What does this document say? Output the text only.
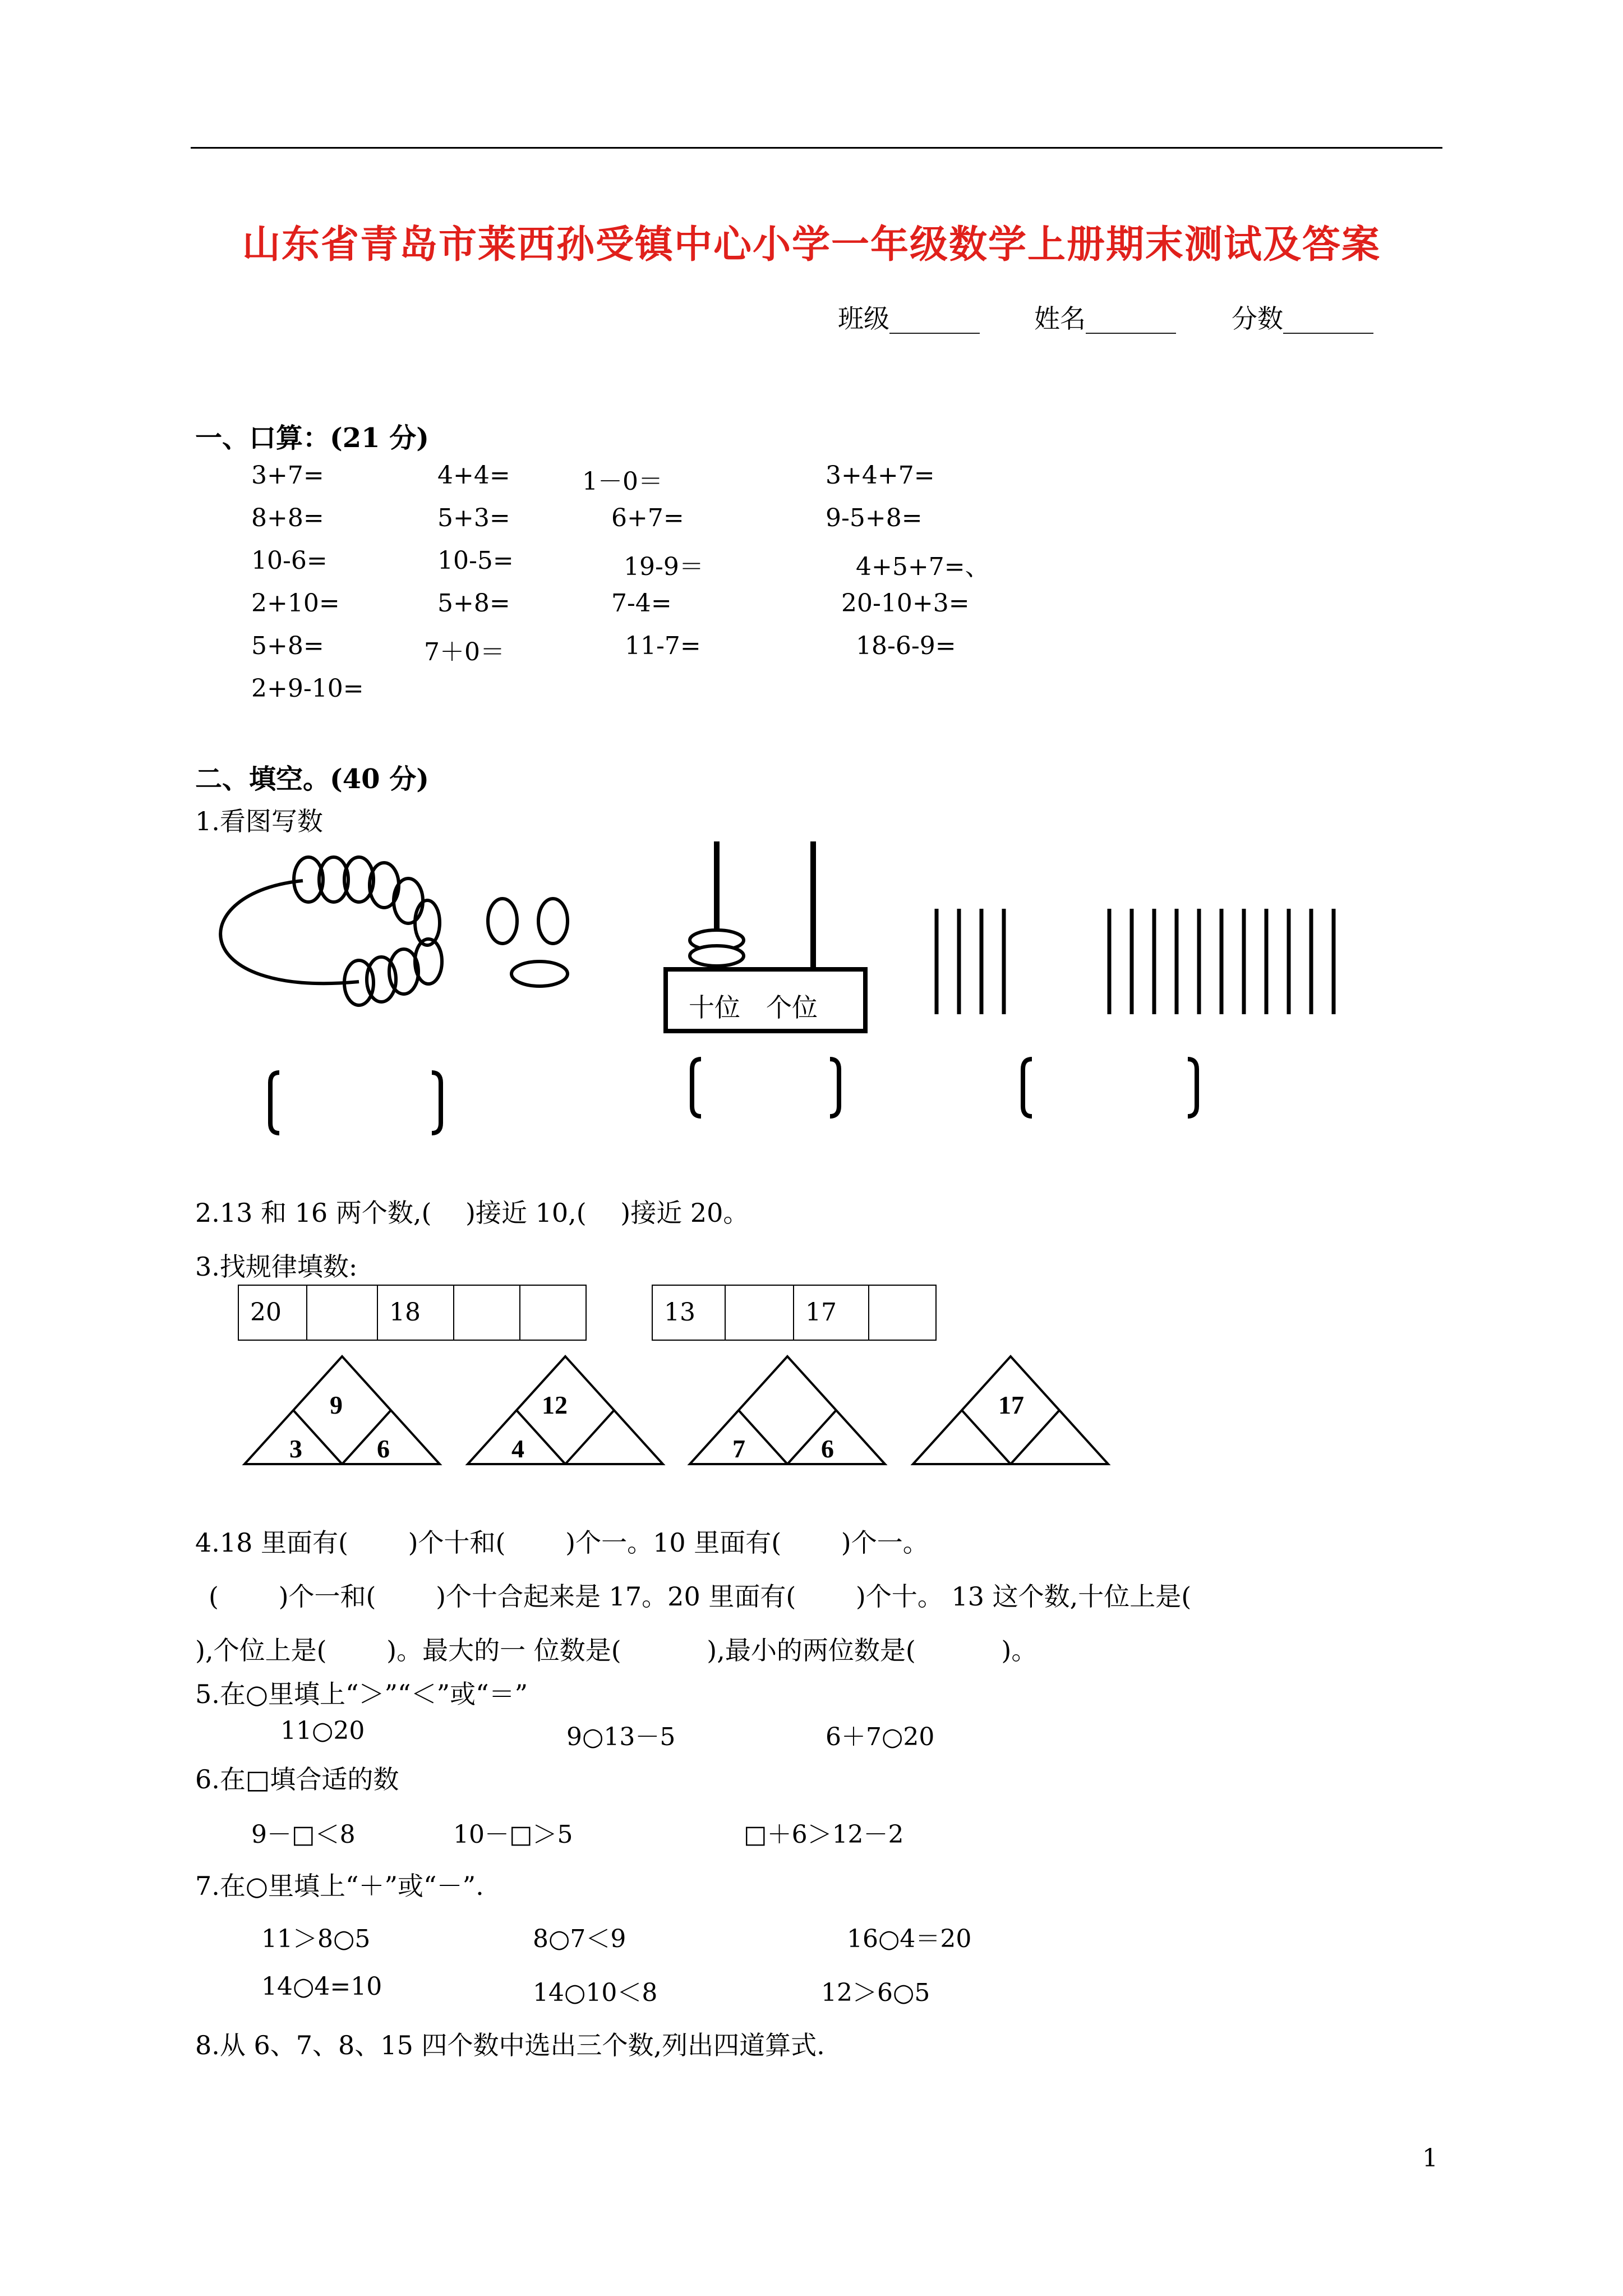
山东省青岛市莱西孙受镇中心小学一年级数学上册期末测试及答案
班级_______ 姓名_______ 分数_______
一、口算：(21 分)
3+7=	4+4=	1－0＝	3+4+7=
8+8=	5+3=	6+7=	9-5+8=
10-6=	10-5=	19-9＝	4+5+7=、
2+10=	5+8=	7-4=	20-10+3=
5+8=	7＋0＝	11-7=	18-6-9=
2+9-10=
二、填空。(40 分)
1.看图写数
十位　个位
2.13 和 16 两个数,(　 )接近 10,(　 )接近 20。
3.找规律填数:
20	18	13	17
9
3	6
12
4	7	6
17
4.18 里面有(　　 )个十和(　　 )个一。10 里面有(　　 )个一。
(　　 )个一和(　　 )个十合起来是 17。20 里面有(　　 )个十。 13 这个数,十位上是(
),个位上是(　　 )。最大的一 位数是(　　　 ),最小的两位数是(　　　 )。
5.在○里填上“＞”“＜”或“＝”
11○20	9○13－5	6＋7○20
6.在□填合适的数
9－□＜8	10－□＞5	□＋6＞12－2
7.在○里填上“＋”或“－”.
11＞8○5	8○7＜9	16○4＝20
14○4=10	14○10＜8	12＞6○5
8.从 6、7、8、15 四个数中选出三个数,列出四道算式.
1
